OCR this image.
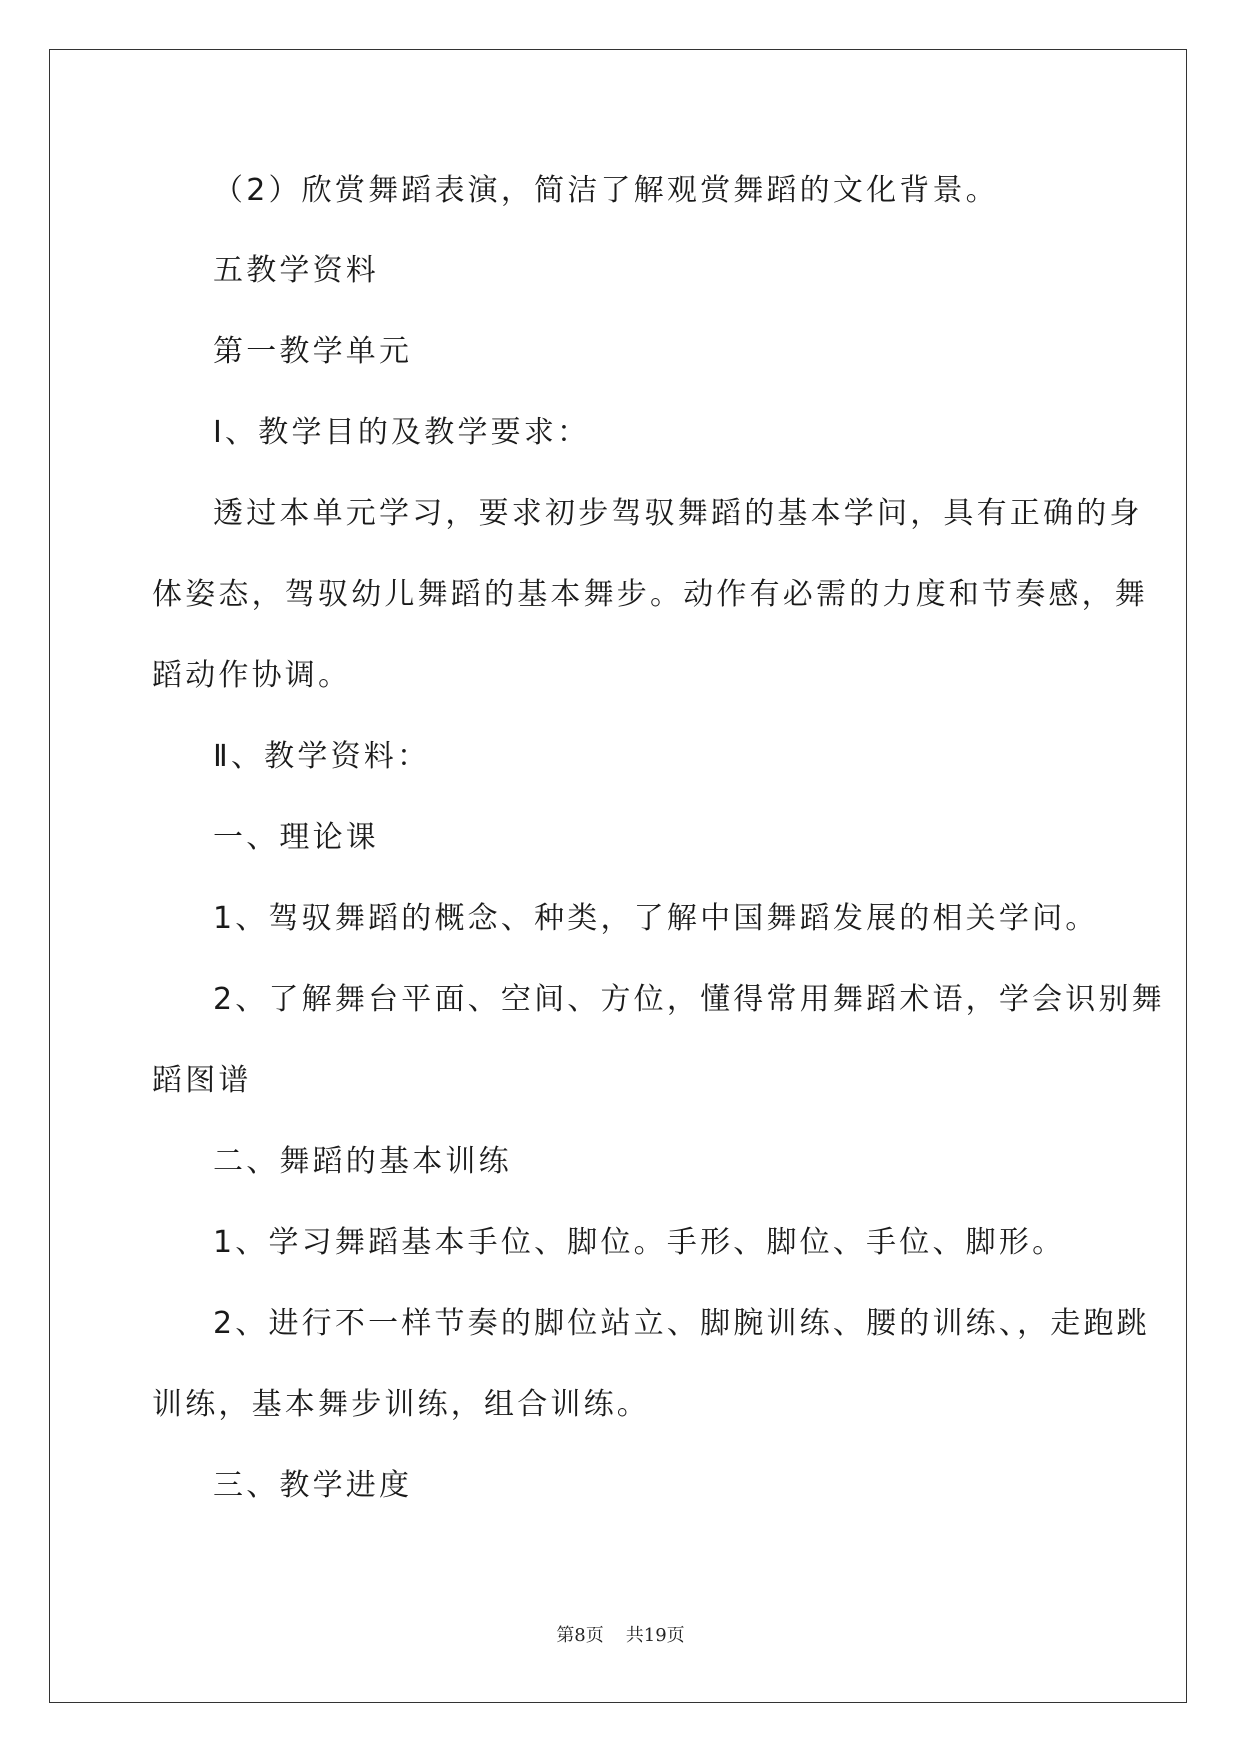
（2）欣赏舞蹈表演，简洁了解观赏舞蹈的文化背景。
五教学资料
第一教学单元
Ⅰ、教学目的及教学要求：
透过本单元学习，要求初步驾驭舞蹈的基本学问，具有正确的身
体姿态，驾驭幼儿舞蹈的基本舞步。动作有必需的力度和节奏感，舞
蹈动作协调。
Ⅱ、教学资料：
一、理论课
1、驾驭舞蹈的概念、种类，了解中国舞蹈发展的相关学问。
2、了解舞台平面、空间、方位，懂得常用舞蹈术语，学会识别舞
蹈图谱
二、舞蹈的基本训练
1、学习舞蹈基本手位、脚位。手形、脚位、手位、脚形。
2、进行不一样节奏的脚位站立、脚腕训练、腰的训练、，走跑跳
训练，基本舞步训练，组合训练。
三、教学进度
第8页 共19页
